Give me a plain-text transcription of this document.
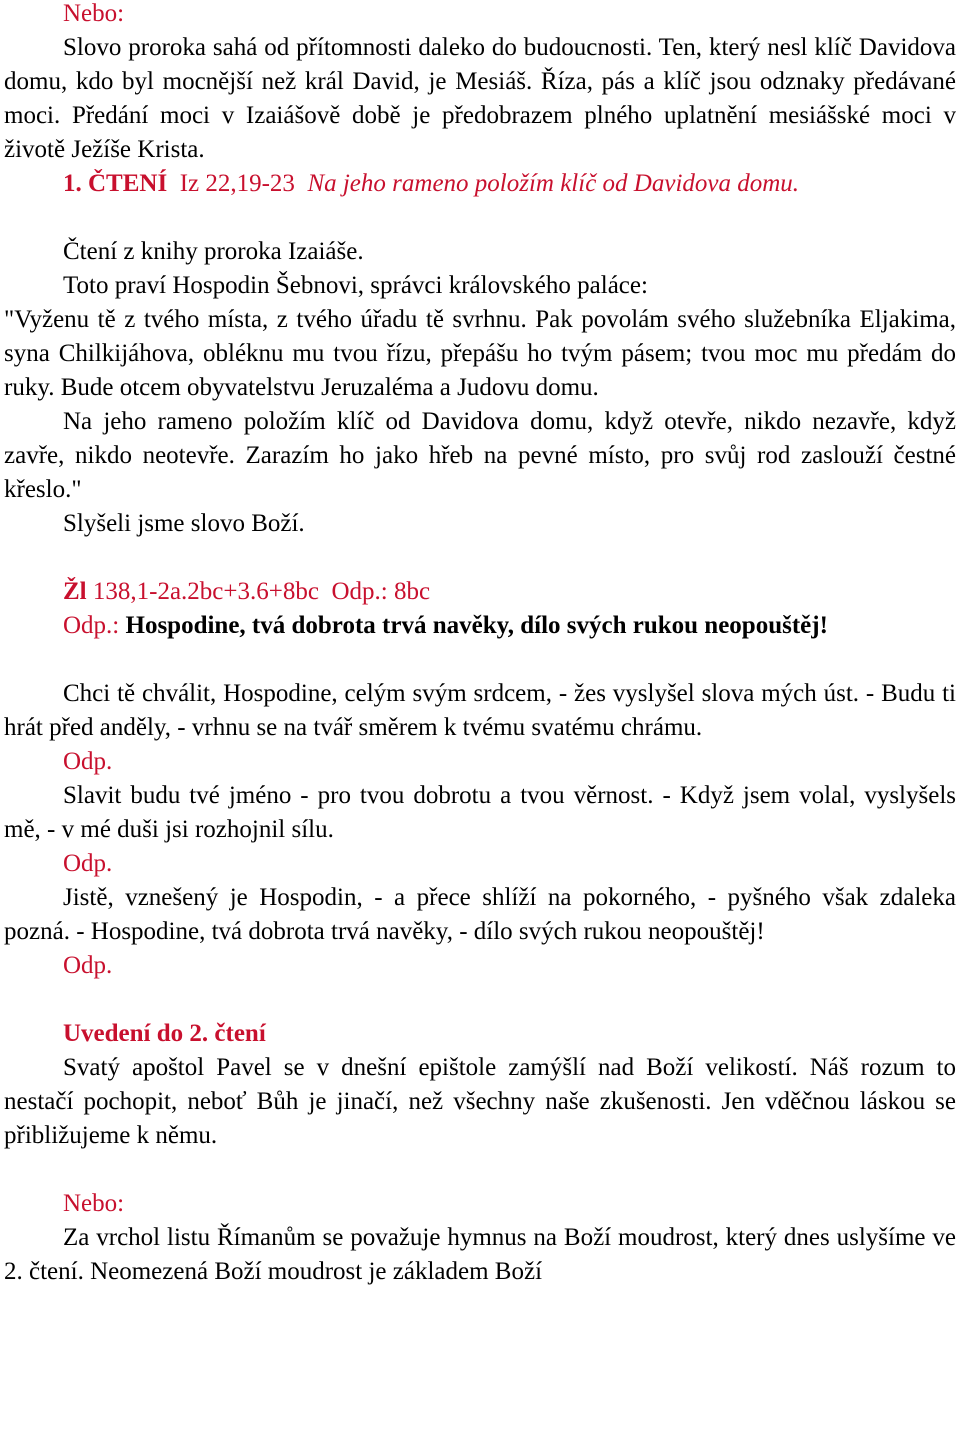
Nebo:

Slovo proroka sahá od přítomnosti daleko do budoucnosti. Ten, který nesl klíč Davidova domu, kdo byl mocnější než král David, je Mesiáš. Říza, pás a klíč jsou odznaky předávané moci. Předání moci v Izaiášově době je předobrazem plného uplatnění mesiášské moci v životě Ježíše Krista.

1. ČTENÍ Iz 22,19-23 Na jeho rameno položím klíč od Davidova domu.

Čtení z knihy proroka Izaiáše.

Toto praví Hospodin Šebnovi, správci královského paláce:

"Vyženu tě z tvého místa, z tvého úřadu tě svrhnu. Pak povolám svého služebníka Eljakima, syna Chilkijáhova, obléknu mu tvou řízu, přepášu ho tvým pásem; tvou moc mu předám do ruky. Bude otcem obyvatelstvu Jeruzaléma a Judovu domu.

Na jeho rameno položím klíč od Davidova domu, když otevře, nikdo nezavře, když zavře, nikdo neotevře. Zarazím ho jako hřeb na pevné místo, pro svůj rod zaslouží čestné křeslo."

Slyšeli jsme slovo Boží.

Žl 138,1-2a.2bc+3.6+8bc Odp.: 8bc

Odp.: Hospodine, tvá dobrota trvá navěky, dílo svých rukou neopouštěj!

Chci tě chválit, Hospodine, celým svým srdcem, - žes vyslyšel slova mých úst. - Budu ti hrát před anděly, - vrhnu se na tvář směrem k tvému svatému chrámu.

Odp.

Slavit budu tvé jméno - pro tvou dobrotu a tvou věrnost. - Když jsem volal, vyslyšels mě, - v mé duši jsi rozhojnil sílu.

Odp.

Jistě, vznešený je Hospodin, - a přece shlíží na pokorného, - pyšného však zdaleka pozná. - Hospodine, tvá dobrota trvá navěky, - dílo svých rukou neopouštěj!

Odp.

Uvedení do 2. čtení

Svatý apoštol Pavel se v dnešní epištole zamýšlí nad Boží velikostí. Náš rozum to nestačí pochopit, neboť Bůh je jinačí, než všechny naše zkušenosti. Jen vděčnou láskou se přibližujeme k němu.

Nebo:

Za vrchol listu Římanům se považuje hymnus na Boží moudrost, který dnes uslyšíme ve 2. čtení. Neomezená Boží moudrost je základem Boží
